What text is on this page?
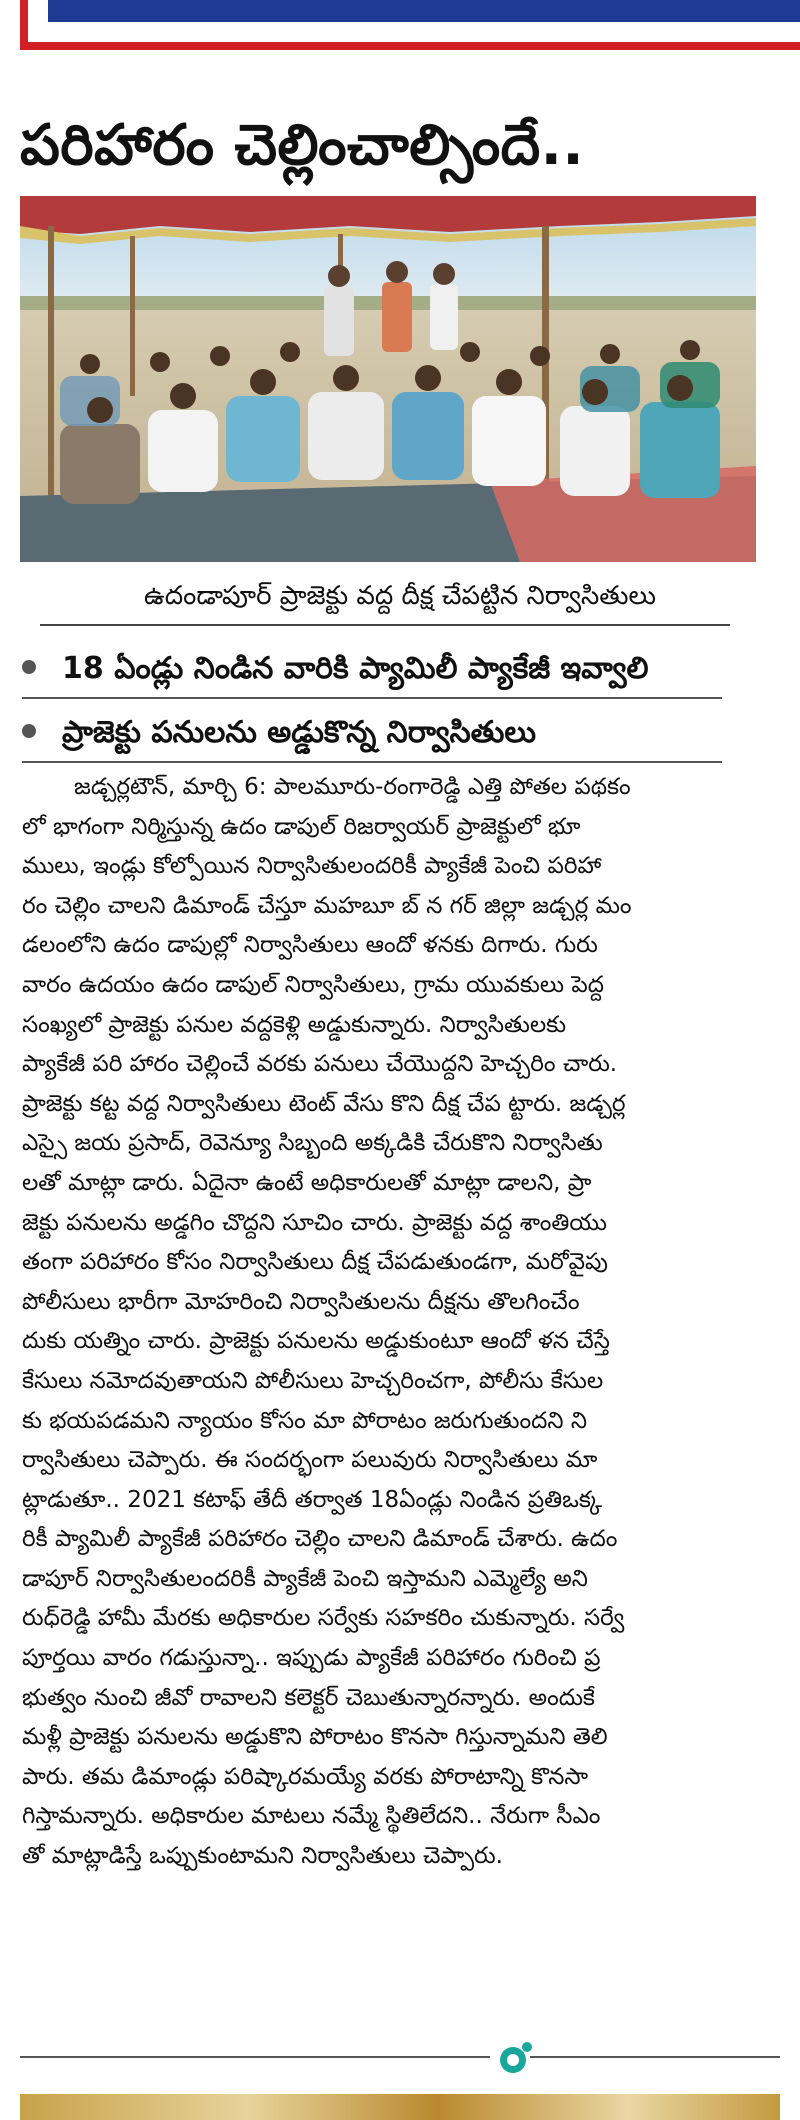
పరిహారం చెల్లించాల్సిందే..
ఉదండాపూర్ ప్రాజెక్టు వద్ద దీక్ష చేపట్టిన నిర్వాసితులు
18 ఏండ్లు నిండిన వారికి ప్యామిలీ ప్యాకేజీ ఇవ్వాలి
ప్రాజెక్టు పనులను అడ్డుకొన్న నిర్వాసితులు
జడ్చర్లటౌన్, మార్చి 6: పాలమూరు-రంగారెడ్డి ఎత్తి పోతల పథకం
లో భాగంగా నిర్మిస్తున్న ఉదం డాపుల్ రిజర్వాయర్ ప్రాజెక్టులో భూ
ములు, ఇండ్లు కోల్పోయిన నిర్వాసితులందరికీ ప్యాకేజీ పెంచి పరిహా
రం చెల్లిం చాలని డిమాండ్ చేస్తూ మహబూ బ్ న గర్ జిల్లా జడ్చర్ల మం
డలంలోని ఉదం డాపుల్లో నిర్వాసితులు ఆందో ళనకు దిగారు. గురు
వారం ఉదయం ఉదం డాపుల్ నిర్వాసితులు, గ్రామ యువకులు పెద్ద
సంఖ్యలో ప్రాజెక్టు పనుల వద్దకెళ్లి అడ్డుకున్నారు. నిర్వాసితులకు
ప్యాకేజీ పరి హారం చెల్లించే వరకు పనులు చేయొద్దని హెచ్చరిం చారు.
ప్రాజెక్టు కట్ట వద్ద నిర్వాసితులు టెంట్ వేసు కొని దీక్ష చేప ట్టారు. జడ్చర్ల
ఎస్సై జయ ప్రసాద్, రెవెన్యూ సిబ్బంది అక్కడికి చేరుకొని నిర్వాసితు
లతో మాట్లా డారు. ఏదైనా ఉంటే అధికారులతో మాట్లా డాలని, ప్రా
జెక్టు పనులను అడ్డగిం చొద్దని సూచిం చారు. ప్రాజెక్టు వద్ద శాంతియు
తంగా పరిహారం కోసం నిర్వాసితులు దీక్ష చేపడుతుండగా, మరోవైపు
పోలీసులు భారీగా మోహరించి నిర్వాసితులను దీక్షను తొలగించేం
దుకు యత్నిం చారు. ప్రాజెక్టు పనులను అడ్డుకుంటూ ఆందో ళన చేస్తే
కేసులు నమోదవుతాయని పోలీసులు హెచ్చరించగా, పోలీసు కేసుల
కు భయపడమని న్యాయం కోసం మా పోరాటం జరుగుతుందని ని
ర్వాసితులు చెప్పారు. ఈ సందర్భంగా పలువురు నిర్వాసితులు మా
ట్లాడుతూ.. 2021 కటాఫ్ తేదీ తర్వాత 18ఏండ్లు నిండిన ప్రతిఒక్క
రికీ ప్యామిలీ ప్యాకేజీ పరిహారం చెల్లిం చాలని డిమాండ్ చేశారు. ఉదం
డాపూర్ నిర్వాసితులందరికీ ప్యాకేజీ పెంచి ఇస్తామని ఎమ్మెల్యే అని
రుధ్‌రెడ్డి హామీ మేరకు అధికారుల సర్వేకు సహకరిం చుకున్నారు. సర్వే
పూర్తయి వారం గడుస్తున్నా.. ఇప్పుడు ప్యాకేజీ పరిహారం గురించి ప్ర
భుత్వం నుంచి జీవో రావాలని కలెక్టర్ చెబుతున్నారన్నారు. అందుకే
మళ్లీ ప్రాజెక్టు పనులను అడ్డుకొని పోరాటం కొనసా గిస్తున్నామని తెలి
పారు. తమ డిమాండ్లు పరిష్కారమయ్యే వరకు పోరాటాన్ని కొనసా
గిస్తామన్నారు. అధికారుల మాటలు నమ్మే స్థితిలేదని.. నేరుగా సీఎం
తో మాట్లాడిస్తే ఒప్పుకుంటామని నిర్వాసితులు చెప్పారు.
